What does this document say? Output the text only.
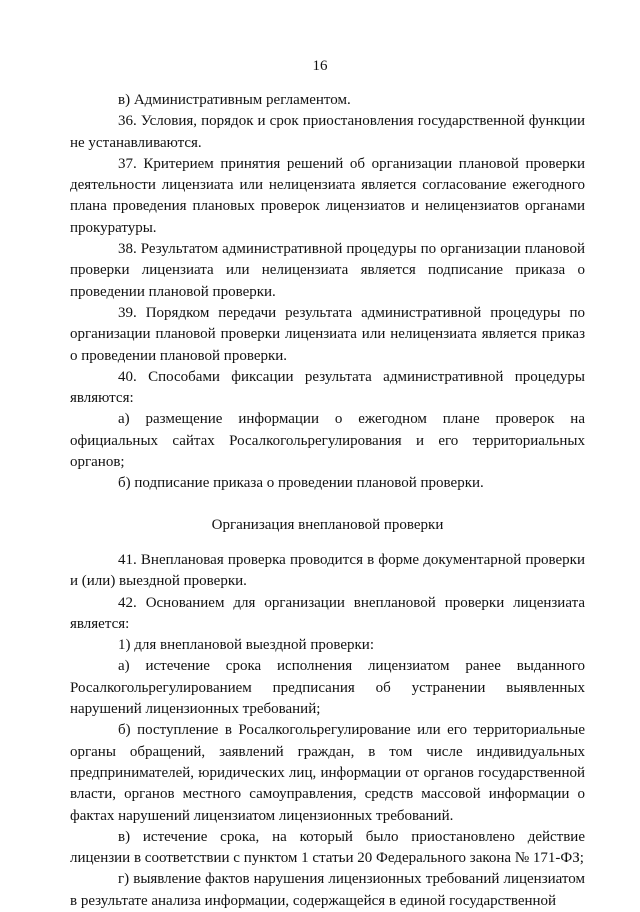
16

в) Административным регламентом.

36. Условия, порядок и срок приостановления государственной функции не устанавливаются.

37. Критерием принятия решений об организации плановой проверки деятельности лицензиата или нелицензиата является согласование ежегодного плана проведения плановых проверок лицензиатов и нелицензиатов органами прокуратуры.

38. Результатом административной процедуры по организации плановой проверки лицензиата или нелицензиата является подписание приказа о проведении плановой проверки.

39. Порядком передачи результата административной процедуры по организации плановой проверки лицензиата или нелицензиата является приказ о проведении плановой проверки.

40. Способами фиксации результата административной процедуры являются:

а) размещение информации о ежегодном плане проверок на официальных сайтах Росалкогольрегулирования и его территориальных органов;

б) подписание приказа о проведении плановой проверки.

Организация внеплановой проверки

41. Внеплановая проверка проводится в форме документарной проверки и (или) выездной проверки.

42. Основанием для организации внеплановой проверки лицензиата является:

1) для внеплановой выездной проверки:

а) истечение срока исполнения лицензиатом ранее выданного Росалкогольрегулированием предписания об устранении выявленных нарушений лицензионных требований;

б) поступление в Росалкогольрегулирование или его территориальные органы обращений, заявлений граждан, в том числе индивидуальных предпринимателей, юридических лиц, информации от органов государственной власти, органов местного самоуправления, средств массовой информации о фактах нарушений лицензиатом лицензионных требований.

в) истечение срока, на который было приостановлено действие лицензии в соответствии с пунктом 1 статьи 20 Федерального закона № 171-ФЗ;

г) выявление фактов нарушения лицензионных требований лицензиатом в результате анализа информации, содержащейся в единой государственной
